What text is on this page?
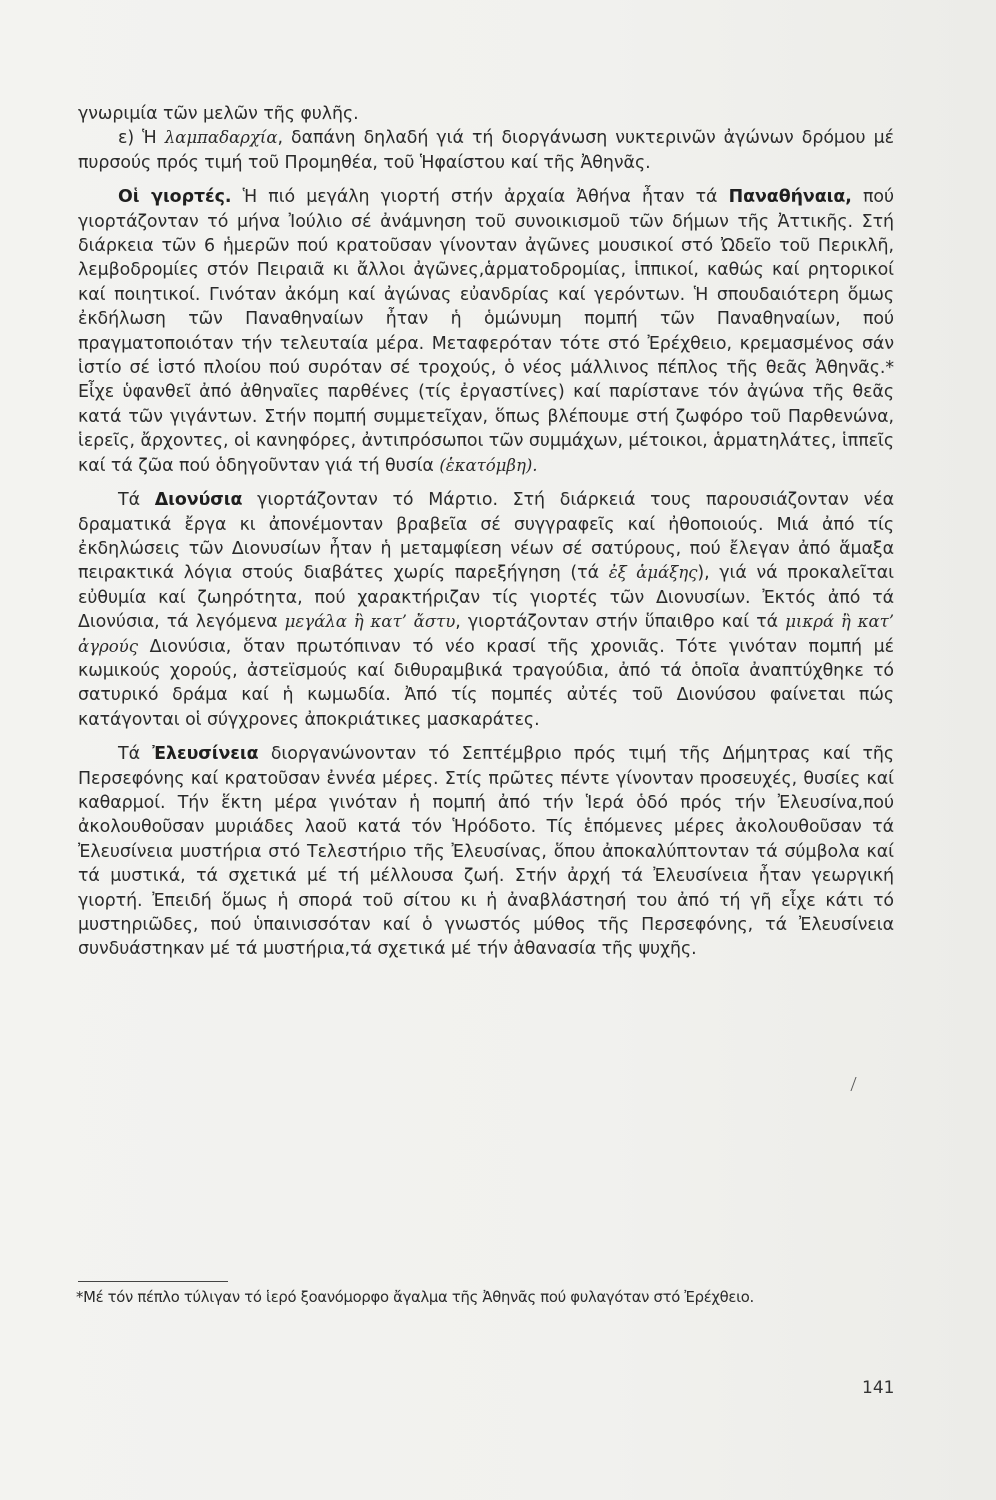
γνωριμία τῶν μελῶν τῆς φυλῆς.

ε) Ἡ λαμπαδαρχία, δαπάνη δηλαδή γιά τή διοργάνωση νυκτερινῶν ἀγώνων δρόμου μέ πυρσούς πρός τιμή τοῦ Προμηθέα, τοῦ Ἡφαίστου καί τῆς Ἀθηνᾶς.

Οἱ γιορτές. Ἡ πιό μεγάλη γιορτή στήν ἀρχαία Ἀθήνα ἦταν τά Παναθήναια, πού γιορτάζονταν τό μήνα Ἰούλιο σέ ἀνάμνηση τοῦ συνοικισμοῦ τῶν δήμων τῆς Ἀττικῆς. Στή διάρκεια τῶν 6 ἡμερῶν πού κρατοῦσαν γίνονταν ἀγῶνες μουσικοί στό Ὠδεῖο τοῦ Περικλῆ, λεμβοδρομίες στόν Πειραιᾶ κι ἄλλοι ἀγῶνες,ἁρματοδρομίας, ἱππικοί, καθώς καί ρητορικοί καί ποιητικοί. Γινόταν ἀκόμη καί ἀγώνας εὐανδρίας καί γερόντων. Ἡ σπουδαιότερη ὅμως ἐκδήλωση τῶν Παναθηναίων ἦταν ἡ ὁμώνυμη πομπή τῶν Παναθηναίων, πού πραγματοποιόταν τήν τελευταία μέρα. Μεταφερόταν τότε στό Ἐρέχθειο, κρεμασμένος σάν ἱστίο σέ ἱστό πλοίου πού συρόταν σέ τροχούς, ὁ νέος μάλλινος πέπλος τῆς θεᾶς Ἀθηνᾶς.* Εἶχε ὑφανθεῖ ἀπό ἀθηναῖες παρθένες (τίς ἐργαστίνες) καί παρίστανε τόν ἀγώνα τῆς θεᾶς κατά τῶν γιγάντων. Στήν πομπή συμμετεῖχαν, ὅπως βλέπουμε στή ζωφόρο τοῦ Παρθενώνα, ἱερεῖς, ἄρχοντες, οἱ κανηφόρες, ἀντιπρόσωποι τῶν συμμάχων, μέτοικοι, ἁρματηλάτες, ἱππεῖς καί τά ζῶα πού ὁδηγοῦνταν γιά τή θυσία (ἑκατόμβη).

Τά Διονύσια γιορτάζονταν τό Μάρτιο. Στή διάρκειά τους παρουσιάζονταν νέα δραματικά ἔργα κι ἀπονέμονταν βραβεῖα σέ συγγραφεῖς καί ἠθοποιούς. Μιά ἀπό τίς ἐκδηλώσεις τῶν Διονυσίων ἦταν ἡ μεταμφίεση νέων σέ σατύρους, πού ἔλεγαν ἀπό ἅμαξα πειρακτικά λόγια στούς διαβάτες χωρίς παρεξήγηση (τά ἐξ ἁμάξης), γιά νά προκαλεῖται εὐθυμία καί ζωηρότητα, πού χαρακτήριζαν τίς γιορτές τῶν Διονυσίων. Ἐκτός ἀπό τά Διονύσια, τά λεγόμενα μεγάλα ἢ κατ’ ἄστυ, γιορτάζονταν στήν ὕπαιθρο καί τά μικρά ἢ κατ’ ἀγρούς Διονύσια, ὅταν πρωτόπιναν τό νέο κρασί τῆς χρονιᾶς. Τότε γινόταν πομπή μέ κωμικούς χορούς, ἀστεϊσμούς καί διθυραμβικά τραγούδια, ἀπό τά ὁποῖα ἀναπτύχθηκε τό σατυρικό δράμα καί ἡ κωμωδία. Ἀπό τίς πομπές αὐτές τοῦ Διονύσου φαίνεται πώς κατάγονται οἱ σύγχρονες ἀποκριάτικες μασκαράτες.

Τά Ἐλευσίνεια διοργανώνονταν τό Σεπτέμβριο πρός τιμή τῆς Δήμητρας καί τῆς Περσεφόνης καί κρατοῦσαν ἐννέα μέρες. Στίς πρῶτες πέντε γίνονταν προσευχές, θυσίες καί καθαρμοί. Τήν ἕκτη μέρα γινόταν ἡ πομπή ἀπό τήν Ἱερά ὁδό πρός τήν Ἐλευσίνα,πού ἀκολουθοῦσαν μυριάδες λαοῦ κατά τόν Ἡρόδοτο. Τίς ἑπόμενες μέρες ἀκολουθοῦσαν τά Ἐλευσίνεια μυστήρια στό Τελεστήριο τῆς Ἐλευσίνας, ὅπου ἀποκαλύπτονταν τά σύμβολα καί τά μυστικά, τά σχετικά μέ τή μέλλουσα ζωή. Στήν ἀρχή τά Ἐλευσίνεια ἦταν γεωργική γιορτή. Ἐπειδή ὅμως ἡ σπορά τοῦ σίτου κι ἡ ἀναβλάστησή του ἀπό τή γῆ εἶχε κάτι τό μυστηριῶδες, πού ὑπαινισσόταν καί ὁ γνωστός μύθος τῆς Περσεφόνης, τά Ἐλευσίνεια συνδυάστηκαν μέ τά μυστήρια,τά σχετικά μέ τήν ἀθανασία τῆς ψυχῆς.

*Μέ τόν πέπλο τύλιγαν τό ἱερό ξοανόμορφο ἄγαλμα τῆς Ἀθηνᾶς πού φυλαγόταν στό Ἐρέχθειο.
141
